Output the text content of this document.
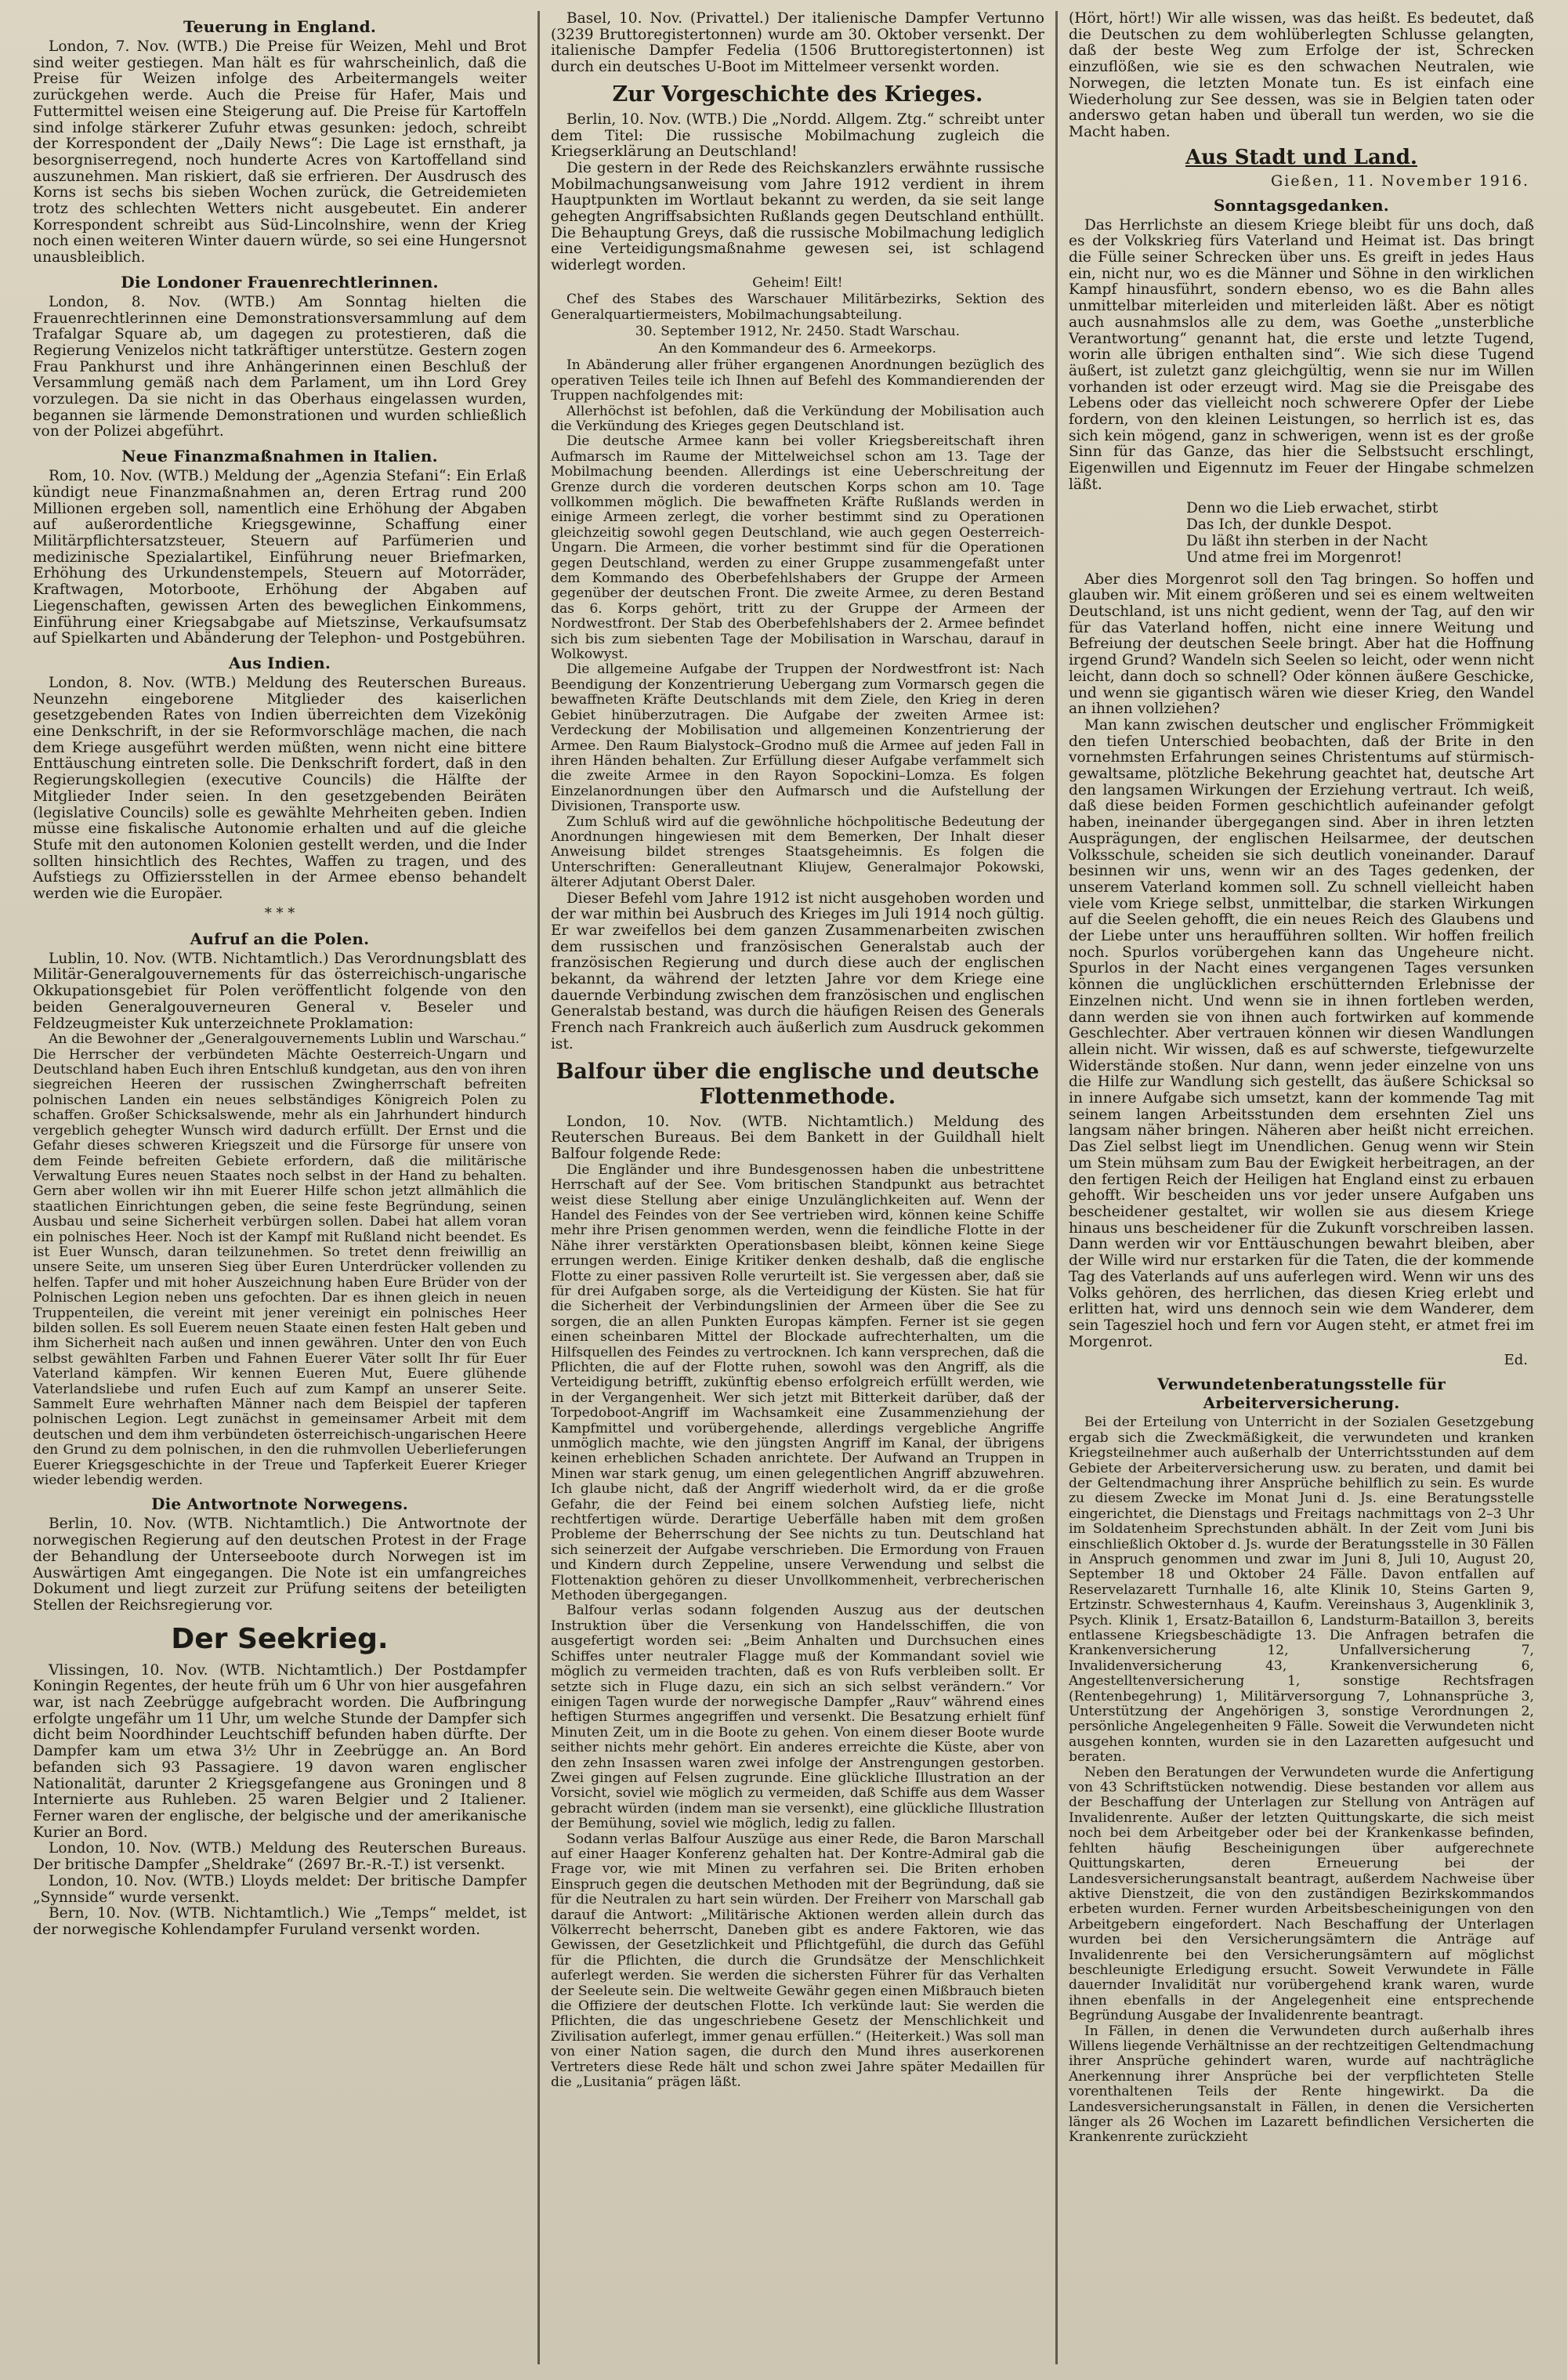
Teuerung in England.

London, 7. Nov. (WTB.) Die Preise für Weizen, Mehl und Brot sind weiter gestiegen. Man hält es für wahrscheinlich, daß die Preise für Weizen infolge des Arbeitermangels weiter zurückgehen werde. Auch die Preise für Hafer, Mais und Futtermittel weisen eine Steigerung auf. Die Preise für Kartoffeln sind infolge stärkerer Zufuhr etwas gesunken: jedoch, schreibt der Korrespondent der „Daily News“: Die Lage ist ernsthaft, ja besorgniserregend, noch hunderte Acres von Kartoffelland sind auszunehmen. Man riskiert, daß sie erfrieren. Der Ausdrusch des Korns ist sechs bis sieben Wochen zurück, die Getreidemieten trotz des schlechten Wetters nicht ausgebeutet. Ein anderer Korrespondent schreibt aus Süd-Lincolnshire, wenn der Krieg noch einen weiteren Winter dauern würde, so sei eine Hungersnot unausbleiblich.

Die Londoner Frauenrechtlerinnen.

London, 8. Nov. (WTB.) Am Sonntag hielten die Frauenrechtlerinnen eine Demonstrationsversammlung auf dem Trafalgar Square ab, um dagegen zu protestieren, daß die Regierung Venizelos nicht tatkräftiger unterstütze. Gestern zogen Frau Pankhurst und ihre Anhängerinnen einen Beschluß der Versammlung gemäß nach dem Parlament, um ihn Lord Grey vorzulegen. Da sie nicht in das Oberhaus eingelassen wurden, begannen sie lärmende Demonstrationen und wurden schließlich von der Polizei abgeführt.

Neue Finanzmaßnahmen in Italien.

Rom, 10. Nov. (WTB.) Meldung der „Agenzia Stefani“: Ein Erlaß kündigt neue Finanzmaßnahmen an, deren Ertrag rund 200 Millionen ergeben soll, namentlich eine Erhöhung der Abgaben auf außerordentliche Kriegsgewinne, Schaffung einer Militärpflichtersatzsteuer, Steuern auf Parfümerien und medizinische Spezialartikel, Einführung neuer Briefmarken, Erhöhung des Urkundenstempels, Steuern auf Motorräder, Kraftwagen, Motorboote, Erhöhung der Abgaben auf Liegenschaften, gewissen Arten des beweglichen Einkommens, Einführung einer Kriegsabgabe auf Mietszinse, Verkaufsumsatz auf Spielkarten und Abänderung der Telephon- und Postgebühren.

Aus Indien.

London, 8. Nov. (WTB.) Meldung des Reuterschen Bureaus. Neunzehn eingeborene Mitglieder des kaiserlichen gesetzgebenden Rates von Indien überreichten dem Vizekönig eine Denkschrift, in der sie Reformvorschläge machen, die nach dem Kriege ausgeführt werden müßten, wenn nicht eine bittere Enttäuschung eintreten solle. Die Denkschrift fordert, daß in den Regierungskollegien (executive Councils) die Hälfte der Mitglieder Inder seien. In den gesetzgebenden Beiräten (legislative Councils) solle es gewählte Mehrheiten geben. Indien müsse eine fiskalische Autonomie erhalten und auf die gleiche Stufe mit den autonomen Kolonien gestellt werden, und die Inder sollten hinsichtlich des Rechtes, Waffen zu tragen, und des Aufstiegs zu Offiziersstellen in der Armee ebenso behandelt werden wie die Europäer.

* * *
Aufruf an die Polen.

Lublin, 10. Nov. (WTB. Nichtamtlich.) Das Verordnungsblatt des Militär-Generalgouvernements für das österreichisch-ungarische Okkupationsgebiet für Polen veröffentlicht folgende von den beiden Generalgouverneuren General v. Beseler und Feldzeugmeister Kuk unterzeichnete Proklamation:

An die Bewohner der „Generalgouvernements Lublin und Warschau.“ Die Herrscher der verbündeten Mächte Oesterreich-Ungarn und Deutschland haben Euch ihren Entschluß kundgetan, aus den von ihren siegreichen Heeren der russischen Zwingherrschaft befreiten polnischen Landen ein neues selbständiges Königreich Polen zu schaffen. Großer Schicksalswende, mehr als ein Jahrhundert hindurch vergeblich gehegter Wunsch wird dadurch erfüllt. Der Ernst und die Gefahr dieses schweren Kriegszeit und die Fürsorge für unsere von dem Feinde befreiten Gebiete erfordern, daß die militärische Verwaltung Eures neuen Staates noch selbst in der Hand zu behalten. Gern aber wollen wir ihn mit Euerer Hilfe schon jetzt allmählich die staatlichen Einrichtungen geben, die seine feste Begründung, seinen Ausbau und seine Sicherheit verbürgen sollen. Dabei hat allem voran ein polnisches Heer. Noch ist der Kampf mit Rußland nicht beendet. Es ist Euer Wunsch, daran teilzunehmen. So tretet denn freiwillig an unsere Seite, um unseren Sieg über Euren Unterdrücker vollenden zu helfen. Tapfer und mit hoher Auszeichnung haben Eure Brüder von der Polnischen Legion neben uns gefochten. Dar es ihnen gleich in neuen Truppenteilen, die vereint mit jener vereinigt ein polnisches Heer bilden sollen. Es soll Euerem neuen Staate einen festen Halt geben und ihm Sicherheit nach außen und innen gewähren. Unter den von Euch selbst gewählten Farben und Fahnen Euerer Väter sollt Ihr für Euer Vaterland kämpfen. Wir kennen Eueren Mut, Euere glühende Vaterlandsliebe und rufen Euch auf zum Kampf an unserer Seite. Sammelt Eure wehrhaften Männer nach dem Beispiel der tapferen polnischen Legion. Legt zunächst in gemeinsamer Arbeit mit dem deutschen und dem ihm verbündeten österreichisch-ungarischen Heere den Grund zu dem polnischen, in den die ruhmvollen Ueberlieferungen Euerer Kriegsgeschichte in der Treue und Tapferkeit Euerer Krieger wieder lebendig werden.

Die Antwortnote Norwegens.

Berlin, 10. Nov. (WTB. Nichtamtlich.) Die Antwortnote der norwegischen Regierung auf den deutschen Protest in der Frage der Behandlung der Unterseeboote durch Norwegen ist im Auswärtigen Amt eingegangen. Die Note ist ein umfangreiches Dokument und liegt zurzeit zur Prüfung seitens der beteiligten Stellen der Reichsregierung vor.

Der Seekrieg.

Vlissingen, 10. Nov. (WTB. Nichtamtlich.) Der Postdampfer Koningin Regentes, der heute früh um 6 Uhr von hier ausgefahren war, ist nach Zeebrügge aufgebracht worden. Die Aufbringung erfolgte ungefähr um 11 Uhr, um welche Stunde der Dampfer sich dicht beim Noordhinder Leuchtschiff befunden haben dürfte. Der Dampfer kam um etwa 3½ Uhr in Zeebrügge an. An Bord befanden sich 93 Passagiere. 19 davon waren englischer Nationalität, darunter 2 Kriegsgefangene aus Groningen und 8 Internierte aus Ruhleben. 25 waren Belgier und 2 Italiener. Ferner waren der englische, der belgische und der amerikanische Kurier an Bord.

London, 10. Nov. (WTB.) Meldung des Reuterschen Bureaus. Der britische Dampfer „Sheldrake“ (2697 Br.-R.-T.) ist versenkt.

London, 10. Nov. (WTB.) Lloyds meldet: Der britische Dampfer „Synnside“ wurde versenkt.

Bern, 10. Nov. (WTB. Nichtamtlich.) Wie „Temps“ meldet, ist der norwegische Kohlendampfer Furuland versenkt worden.

Basel, 10. Nov. (Privattel.) Der italienische Dampfer Vertunno (3239 Bruttoregistertonnen) wurde am 30. Oktober versenkt. Der italienische Dampfer Fedelia (1506 Bruttoregistertonnen) ist durch ein deutsches U-Boot im Mittelmeer versenkt worden.

Zur Vorgeschichte des Krieges.

Berlin, 10. Nov. (WTB.) Die „Nordd. Allgem. Ztg.“ schreibt unter dem Titel: Die russische Mobilmachung zugleich die Kriegserklärung an Deutschland!

Die gestern in der Rede des Reichskanzlers erwähnte russische Mobilmachungsanweisung vom Jahre 1912 verdient in ihrem Hauptpunkten im Wortlaut bekannt zu werden, da sie seit lange gehegten Angriffsabsichten Rußlands gegen Deutschland enthüllt. Die Behauptung Greys, daß die russische Mobilmachung lediglich eine Verteidigungsmaßnahme gewesen sei, ist schlagend widerlegt worden.

Geheim! Eilt!

Chef des Stabes des Warschauer Militärbezirks, Sektion des Generalquartiermeisters, Mobilmachungsabteilung.

30. September 1912, Nr. 2450. Stadt Warschau.
An den Kommandeur des 6. Armeekorps.

In Abänderung aller früher ergangenen Anordnungen bezüglich des operativen Teiles teile ich Ihnen auf Befehl des Kommandierenden der Truppen nachfolgendes mit:

Allerhöchst ist befohlen, daß die Verkündung der Mobilisation auch die Verkündung des Krieges gegen Deutschland ist.

Die deutsche Armee kann bei voller Kriegsbereitschaft ihren Aufmarsch im Raume der Mittelweichsel schon am 13. Tage der Mobilmachung beenden. Allerdings ist eine Ueberschreitung der Grenze durch die vorderen deutschen Korps schon am 10. Tage vollkommen möglich. Die bewaffneten Kräfte Rußlands werden in einige Armeen zerlegt, die vorher bestimmt sind zu Operationen gleichzeitig sowohl gegen Deutschland, wie auch gegen Oesterreich-Ungarn. Die Armeen, die vorher bestimmt sind für die Operationen gegen Deutschland, werden zu einer Gruppe zusammengefaßt unter dem Kommando des Oberbefehlshabers der Gruppe der Armeen gegenüber der deutschen Front. Die zweite Armee, zu deren Bestand das 6. Korps gehört, tritt zu der Gruppe der Armeen der Nordwestfront. Der Stab des Oberbefehlshabers der 2. Armee befindet sich bis zum siebenten Tage der Mobilisation in Warschau, darauf in Wolkowyst.

Die allgemeine Aufgabe der Truppen der Nordwestfront ist: Nach Beendigung der Konzentrierung Uebergang zum Vormarsch gegen die bewaffneten Kräfte Deutschlands mit dem Ziele, den Krieg in deren Gebiet hinüberzutragen. Die Aufgabe der zweiten Armee ist: Verdeckung der Mobilisation und allgemeinen Konzentrierung der Armee. Den Raum Bialystock–Grodno muß die Armee auf jeden Fall in ihren Händen behalten. Zur Erfüllung dieser Aufgabe verfammelt sich die zweite Armee in den Rayon Sopockini–Lomza. Es folgen Einzelanordnungen über den Aufmarsch und die Aufstellung der Divisionen, Transporte usw.

Zum Schluß wird auf die gewöhnliche höchpolitische Bedeutung der Anordnungen hingewiesen mit dem Bemerken, Der Inhalt dieser Anweisung bildet strenges Staatsgeheimnis. Es folgen die Unterschriften: Generalleutnant Kliujew, Generalmajor Pokowski, älterer Adjutant Oberst Daler.

Dieser Befehl vom Jahre 1912 ist nicht ausgehoben worden und der war mithin bei Ausbruch des Krieges im Juli 1914 noch gültig. Er war zweifellos bei dem ganzen Zusammenarbeiten zwischen dem russischen und französischen Generalstab auch der französischen Regierung und durch diese auch der englischen bekannt, da während der letzten Jahre vor dem Kriege eine dauernde Verbindung zwischen dem französischen und englischen Generalstab bestand, was durch die häufigen Reisen des Generals French nach Frankreich auch äußerlich zum Ausdruck gekommen ist.

Balfour über die englische und deutsche Flottenmethode.

London, 10. Nov. (WTB. Nichtamtlich.) Meldung des Reuterschen Bureaus. Bei dem Bankett in der Guildhall hielt Balfour folgende Rede:

Die Engländer und ihre Bundesgenossen haben die unbestrittene Herrschaft auf der See. Vom britischen Standpunkt aus betrachtet weist diese Stellung aber einige Unzulänglichkeiten auf. Wenn der Handel des Feindes von der See vertrieben wird, können keine Schiffe mehr ihre Prisen genommen werden, wenn die feindliche Flotte in der Nähe ihrer verstärkten Operationsbasen bleibt, können keine Siege errungen werden. Einige Kritiker denken deshalb, daß die englische Flotte zu einer passiven Rolle verurteilt ist. Sie vergessen aber, daß sie für drei Aufgaben sorge, als die Verteidigung der Küsten. Sie hat für die Sicherheit der Verbindungslinien der Armeen über die See zu sorgen, die an allen Punkten Europas kämpfen. Ferner ist sie gegen einen scheinbaren Mittel der Blockade aufrechterhalten, um die Hilfsquellen des Feindes zu vertrocknen. Ich kann versprechen, daß die Pflichten, die auf der Flotte ruhen, sowohl was den Angriff, als die Verteidigung betrifft, zukünftig ebenso erfolgreich erfüllt werden, wie in der Vergangenheit. Wer sich jetzt mit Bitterkeit darüber, daß der Torpedoboot-Angriff im Wachsamkeit eine Zusammenziehung der Kampfmittel und vorübergehende, allerdings vergebliche Angriffe unmöglich machte, wie den jüngsten Angriff im Kanal, der übrigens keinen erheblichen Schaden anrichtete. Der Aufwand an Truppen in Minen war stark genug, um einen gelegentlichen Angriff abzuwehren. Ich glaube nicht, daß der Angriff wiederholt wird, da er die große Gefahr, die der Feind bei einem solchen Aufstieg liefe, nicht rechtfertigen würde. Derartige Ueberfälle haben mit dem großen Probleme der Beherrschung der See nichts zu tun. Deutschland hat sich seinerzeit der Aufgabe verschrieben. Die Ermordung von Frauen und Kindern durch Zeppeline, unsere Verwendung und selbst die Flottenaktion gehören zu dieser Unvollkommenheit, verbrecherischen Methoden übergegangen.

Balfour verlas sodann folgenden Auszug aus der deutschen Instruktion über die Versenkung von Handelsschiffen, die von ausgefertigt worden sei: „Beim Anhalten und Durchsuchen eines Schiffes unter neutraler Flagge muß der Kommandant soviel wie möglich zu vermeiden trachten, daß es von Rufs verbleiben sollt. Er setzte sich in Fluge dazu, ein sich an sich selbst verändern.“ Vor einigen Tagen wurde der norwegische Dampfer „Rauv“ während eines heftigen Sturmes angegriffen und versenkt. Die Besatzung erhielt fünf Minuten Zeit, um in die Boote zu gehen. Von einem dieser Boote wurde seither nichts mehr gehört. Ein anderes erreichte die Küste, aber von den zehn Insassen waren zwei infolge der Anstrengungen gestorben. Zwei gingen auf Felsen zugrunde. Eine glückliche Illustration an der Vorsicht, soviel wie möglich zu vermeiden, daß Schiffe aus dem Wasser gebracht würden (indem man sie versenkt), eine glückliche Illustration der Bemühung, soviel wie möglich, ledig zu fallen.

Sodann verlas Balfour Auszüge aus einer Rede, die Baron Marschall auf einer Haager Konferenz gehalten hat. Der Kontre-Admiral gab die Frage vor, wie mit Minen zu verfahren sei. Die Briten erhoben Einspruch gegen die deutschen Methoden mit der Begründung, daß sie für die Neutralen zu hart sein würden. Der Freiherr von Marschall gab darauf die Antwort: „Militärische Aktionen werden allein durch das Völkerrecht beherrscht, Daneben gibt es andere Faktoren, wie das Gewissen, der Gesetzlichkeit und Pflichtgefühl, die durch das Gefühl für die Pflichten, die durch die Grundsätze der Menschlichkeit auferlegt werden. Sie werden die sichersten Führer für das Verhalten der Seeleute sein. Die weltweite Gewähr gegen einen Mißbrauch bieten die Offiziere der deutschen Flotte. Ich verkünde laut: Sie werden die Pflichten, die das ungeschriebene Gesetz der Menschlichkeit und Zivilisation auferlegt, immer genau erfüllen.“ (Heiterkeit.) Was soll man von einer Nation sagen, die durch den Mund ihres auserkorenen Vertreters diese Rede hält und schon zwei Jahre später Medaillen für die „Lusitania“ prägen läßt.

(Hört, hört!) Wir alle wissen, was das heißt. Es bedeutet, daß die Deutschen zu dem wohlüberlegten Schlusse gelangten, daß der beste Weg zum Erfolge der ist, Schrecken einzuflößen, wie sie es den schwachen Neutralen, wie Norwegen, die letzten Monate tun. Es ist einfach eine Wiederholung zur See dessen, was sie in Belgien taten oder anderswo getan haben und überall tun werden, wo sie die Macht haben.

Aus Stadt und Land.
Gießen, 11. November 1916.
Sonntagsgedanken.

Das Herrlichste an diesem Kriege bleibt für uns doch, daß es der Volkskrieg fürs Vaterland und Heimat ist. Das bringt die Fülle seiner Schrecken über uns. Es greift in jedes Haus ein, nicht nur, wo es die Männer und Söhne in den wirklichen Kampf hinausführt, sondern ebenso, wo es die Bahn alles unmittelbar miterleiden und miterleiden läßt. Aber es nötigt auch ausnahmslos alle zu dem, was Goethe „unsterbliche Verantwortung“ genannt hat, die erste und letzte Tugend, worin alle übrigen enthalten sind“. Wie sich diese Tugend äußert, ist zuletzt ganz gleichgültig, wenn sie nur im Willen vorhanden ist oder erzeugt wird. Mag sie die Preisgabe des Lebens oder das vielleicht noch schwerere Opfer der Liebe fordern, von den kleinen Leistungen, so herrlich ist es, das sich kein mögend, ganz in schwerigen, wenn ist es der große Sinn für das Ganze, das hier die Selbstsucht erschlingt, Eigenwillen und Eigennutz im Feuer der Hingabe schmelzen läßt.

Denn wo die Lieb erwachet, stirbt
Das Ich, der dunkle Despot.
Du läßt ihn sterben in der Nacht
Und atme frei im Morgenrot!

Aber dies Morgenrot soll den Tag bringen. So hoffen und glauben wir. Mit einem größeren und sei es einem weltweiten Deutschland, ist uns nicht gedient, wenn der Tag, auf den wir für das Vaterland hoffen, nicht eine innere Weitung und Befreiung der deutschen Seele bringt. Aber hat die Hoffnung irgend Grund? Wandeln sich Seelen so leicht, oder wenn nicht leicht, dann doch so schnell? Oder können äußere Geschicke, und wenn sie gigantisch wären wie dieser Krieg, den Wandel an ihnen vollziehen?

Man kann zwischen deutscher und englischer Frömmigkeit den tiefen Unterschied beobachten, daß der Brite in den vornehmsten Erfahrungen seines Christentums auf stürmisch-gewaltsame, plötzliche Bekehrung geachtet hat, deutsche Art den langsamen Wirkungen der Erziehung vertraut. Ich weiß, daß diese beiden Formen geschichtlich aufeinander gefolgt haben, ineinander übergegangen sind. Aber in ihren letzten Ausprägungen, der englischen Heilsarmee, der deutschen Volksschule, scheiden sie sich deutlich voneinander. Darauf besinnen wir uns, wenn wir an des Tages gedenken, der unserem Vaterland kommen soll. Zu schnell vielleicht haben viele vom Kriege selbst, unmittelbar, die starken Wirkungen auf die Seelen gehofft, die ein neues Reich des Glaubens und der Liebe unter uns heraufführen sollten. Wir hoffen freilich noch. Spurlos vorübergehen kann das Ungeheure nicht. Spurlos in der Nacht eines vergangenen Tages versunken können die unglücklichen erschütternden Erlebnisse der Einzelnen nicht. Und wenn sie in ihnen fortleben werden, dann werden sie von ihnen auch fortwirken auf kommende Geschlechter. Aber vertrauen können wir diesen Wandlungen allein nicht. Wir wissen, daß es auf schwerste, tiefgewurzelte Widerstände stoßen. Nur dann, wenn jeder einzelne von uns die Hilfe zur Wandlung sich gestellt, das äußere Schicksal so in innere Aufgabe sich umsetzt, kann der kommende Tag mit seinem langen Arbeitsstunden dem ersehnten Ziel uns langsam näher bringen. Näheren aber heißt nicht erreichen. Das Ziel selbst liegt im Unendlichen. Genug wenn wir Stein um Stein mühsam zum Bau der Ewigkeit herbeitragen, an der den fertigen Reich der Heiligen hat England einst zu erbauen gehofft. Wir bescheiden uns vor jeder unsere Aufgaben uns bescheidener gestaltet, wir wollen sie aus diesem Kriege hinaus uns bescheidener für die Zukunft vorschreiben lassen. Dann werden wir vor Enttäuschungen bewahrt bleiben, aber der Wille wird nur erstarken für die Taten, die der kommende Tag des Vaterlands auf uns auferlegen wird. Wenn wir uns des Volks gehören, des herrlichen, das diesen Krieg erlebt und erlitten hat, wird uns dennoch sein wie dem Wanderer, dem sein Tagesziel hoch und fern vor Augen steht, er atmet frei im Morgenrot.

Ed.
Verwundetenberatungsstelle für Arbeiterversicherung.

Bei der Erteilung von Unterricht in der Sozialen Gesetzgebung ergab sich die Zweckmäßigkeit, die verwundeten und kranken Kriegsteilnehmer auch außerhalb der Unterrichtsstunden auf dem Gebiete der Arbeiterversicherung usw. zu beraten, und damit bei der Geltendmachung ihrer Ansprüche behilflich zu sein. Es wurde zu diesem Zwecke im Monat Juni d. Js. eine Beratungsstelle eingerichtet, die Dienstags und Freitags nachmittags von 2–3 Uhr im Soldatenheim Sprechstunden abhält. In der Zeit vom Juni bis einschließlich Oktober d. Js. wurde der Beratungsstelle in 30 Fällen in Anspruch genommen und zwar im Juni 8, Juli 10, August 20, September 18 und Oktober 24 Fälle. Davon entfallen auf Reservelazarett Turnhalle 16, alte Klinik 10, Steins Garten 9, Ertzinstr. Schwesternhaus 4, Kaufm. Vereinshaus 3, Augenklinik 3, Psych. Klinik 1, Ersatz-Bataillon 6, Landsturm-Bataillon 3, bereits entlassene Kriegsbeschädigte 13. Die Anfragen betrafen die Krankenversicherung 12, Unfallversicherung 7, Invalidenversicherung 43, Krankenversicherung 6, Angestelltenversicherung 1, sonstige Rechtsfragen (Rentenbegehrung) 1, Militärversorgung 7, Lohnansprüche 3, Unterstützung der Angehörigen 3, sonstige Verordnungen 2, persönliche Angelegenheiten 9 Fälle. Soweit die Verwundeten nicht ausgehen konnten, wurden sie in den Lazaretten aufgesucht und beraten.

Neben den Beratungen der Verwundeten wurde die Anfertigung von 43 Schriftstücken notwendig. Diese bestanden vor allem aus der Beschaffung der Unterlagen zur Stellung von Anträgen auf Invalidenrente. Außer der letzten Quittungskarte, die sich meist noch bei dem Arbeitgeber oder bei der Krankenkasse befinden, fehlten häufig Bescheinigungen über aufgerechnete Quittungskarten, deren Erneuerung bei der Landesversicherungsanstalt beantragt, außerdem Nachweise über aktive Dienstzeit, die von den zuständigen Bezirkskommandos erbeten wurden. Ferner wurden Arbeitsbescheinigungen von den Arbeitgebern eingefordert. Nach Beschaffung der Unterlagen wurden bei den Versicherungsämtern die Anträge auf Invalidenrente bei den Versicherungsämtern auf möglichst beschleunigte Erledigung ersucht. Soweit Verwundete in Fälle dauernder Invalidität nur vorübergehend krank waren, wurde ihnen ebenfalls in der Angelegenheit eine entsprechende Begründung Ausgabe der Invalidenrente beantragt.

In Fällen, in denen die Verwundeten durch außerhalb ihres Willens liegende Verhältnisse an der rechtzeitigen Geltendmachung ihrer Ansprüche gehindert waren, wurde auf nachträgliche Anerkennung ihrer Ansprüche bei der verpflichteten Stelle vorenthaltenen Teils der Rente hingewirkt. Da die Landesversicherungsanstalt in Fällen, in denen die Versicherten länger als 26 Wochen im Lazarett befindlichen Versicherten die Krankenrente zurückzieht
